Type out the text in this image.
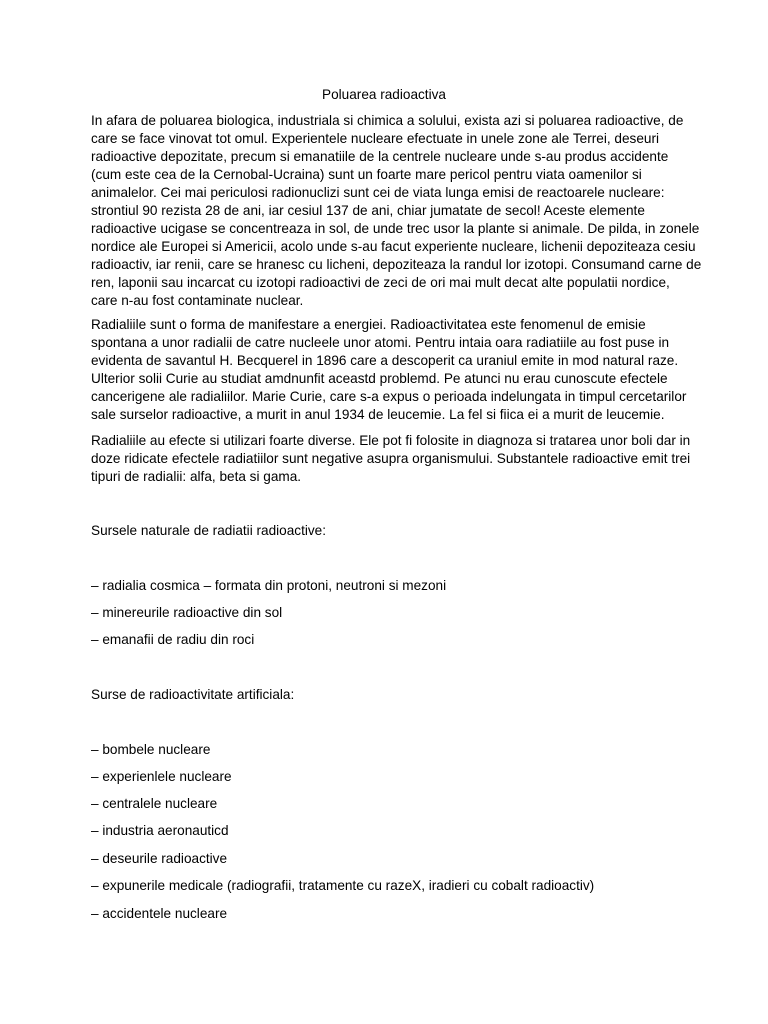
Poluarea radioactiva
In afara de poluarea biologica, industriala si chimica a solului, exista azi si poluarea radioactive, de
care se face vinovat tot omul. Experientele nucleare efectuate in unele zone ale Terrei, deseuri
radioactive depozitate, precum si emanatiile de la centrele nucleare unde s-au produs accidente
(cum este cea de la Cernobal-Ucraina) sunt un foarte mare pericol pentru viata oamenilor si
animalelor. Cei mai periculosi radionuclizi sunt cei de viata lunga emisi de reactoarele nucleare:
strontiul 90 rezista 28 de ani, iar cesiul 137 de ani, chiar jumatate de secol! Aceste elemente
radioactive ucigase se concentreaza in sol, de unde trec usor la plante si animale. De pilda, in zonele
nordice ale Europei si Americii, acolo unde s-au facut experiente nucleare, lichenii depoziteaza cesiu
radioactiv, iar renii, care se hranesc cu licheni, depoziteaza la randul lor izotopi. Consumand carne de
ren, laponii sau incarcat cu izotopi radioactivi de zeci de ori mai mult decat alte populatii nordice,
care n-au fost contaminate nuclear.
Radialiile sunt o forma de manifestare a energiei. Radioactivitatea este fenomenul de emisie
spontana a unor radialii de catre nucleele unor atomi. Pentru intaia oara radiatiile au fost puse in
evidenta de savantul H. Becquerel in 1896 care a descoperit ca uraniul emite in mod natural raze.
Ulterior solii Curie au studiat amdnunfit aceastd problemd. Pe atunci nu erau cunoscute efectele
cancerigene ale radialiilor. Marie Curie, care s-a expus o perioada indelungata in timpul cercetarilor
sale surselor radioactive, a murit in anul 1934 de leucemie. La fel si fiica ei a murit de leucemie.
Radialiile au efecte si utilizari foarte diverse. Ele pot fi folosite in diagnoza si tratarea unor boli dar in
doze ridicate efectele radiatiilor sunt negative asupra organismului. Substantele radioactive emit trei
tipuri de radialii: alfa, beta si gama.
Sursele naturale de radiatii radioactive:
– radialia cosmica – formata din protoni, neutroni si mezoni
– minereurile radioactive din sol
– emanafii de radiu din roci
Surse de radioactivitate artificiala:
– bombele nucleare
– experienlele nucleare
– centralele nucleare
– industria aeronauticd
– deseurile radioactive
– expunerile medicale (radiografii, tratamente cu razeX, iradieri cu cobalt radioactiv)
– accidentele nucleare
